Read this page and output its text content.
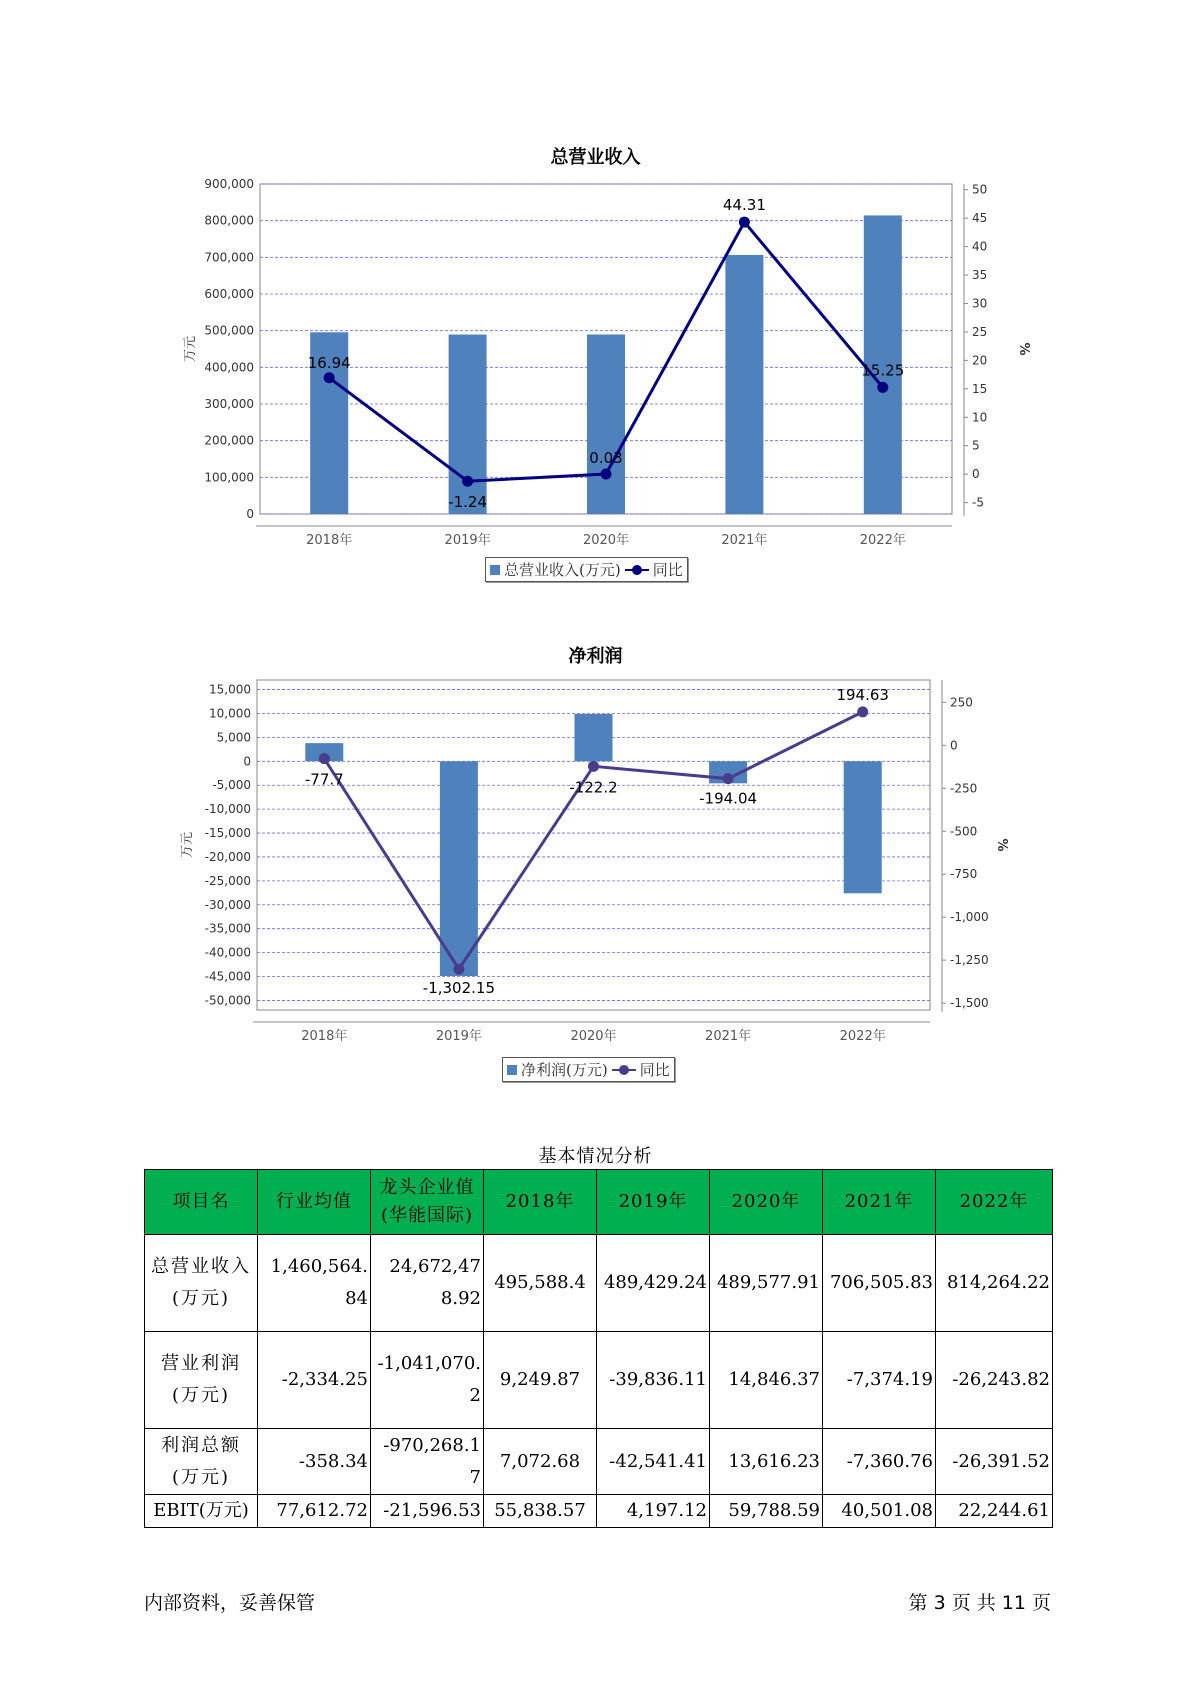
总营业收入
0
100,000
200,000
300,000
400,000
500,000
600,000
700,000
800,000
900,000
万元
-5
0
5
10
15
20
25
30
35
40
45
50
%
2018年	2019年	2020年	2021年	2022年
16.94
-1.24
0.03
44.31
15.25
总营业收入(万元) 同比
净利润
15,000
10,000
5,000
0
-5,000
-10,000
-15,000
-20,000
-25,000
-30,000
-35,000
-40,000
-45,000
-50,000
万元
250
0
-250
-500
-750
-1,000
-1,250
-1,500
%
2018年	2019年	2020年	2021年	2022年
-77.7
-1,302.15
-122.2
-194.04
194.63
净利润(万元) 同比
基本情况分析
项目名	行业均值	龙头企业值(华能国际)	2018年	2019年	2020年	2021年	2022年
总营业收入(万元)	1,460,564.84	24,672,478.92	495,588.4	489,429.24	489,577.91	706,505.83	814,264.22
营业利润(万元)	-2,334.25	-1,041,070.2	9,249.87	-39,836.11	14,846.37	-7,374.19	-26,243.82
利润总额(万元)	-358.34	-970,268.17	7,072.68	-42,541.41	13,616.23	-7,360.76	-26,391.52
EBIT(万元)	77,612.72	-21,596.53	55,838.57	4,197.12	59,788.59	40,501.08	22,244.61
内部资料，妥善保管	第 3 页 共 11 页
